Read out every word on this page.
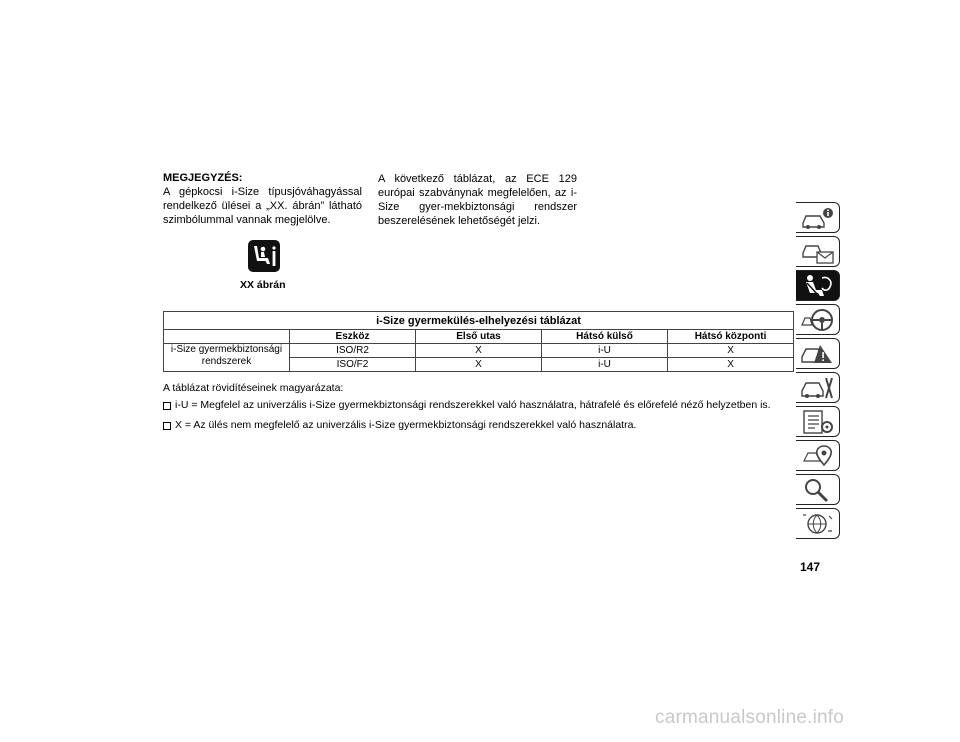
MEGJEGYZÉS:
A gépkocsi i-Size típusjóváhagyással rendelkező ülései a „XX. ábrán” látható szimbólummal vannak megjelölve.
A következő táblázat, az ECE 129 európai szabványnak megfelelően, az i-Size gyer-mekbiztonsági rendszer beszerelésének lehetőségét jelzi.
XX ábrán
i-Size gyermekülés-elhelyezési táblázat				
	Eszköz	Első utas	Hátsó külső	Hátsó központi
i-Size gyermekbiztonsági rendszerek	ISO/R2	X	i-U	X
	ISO/F2	X	i-U	X
A táblázat rövidítéseinek magyarázata:
i-U = Megfelel az univerzális i-Size gyermekbiztonsági rendszerekkel való használatra, hátrafelé és előrefelé néző helyzetben is.
X = Az ülés nem megfelelő az univerzális i-Size gyermekbiztonsági rendszerekkel való használatra.
147
carmanualsonline.info
